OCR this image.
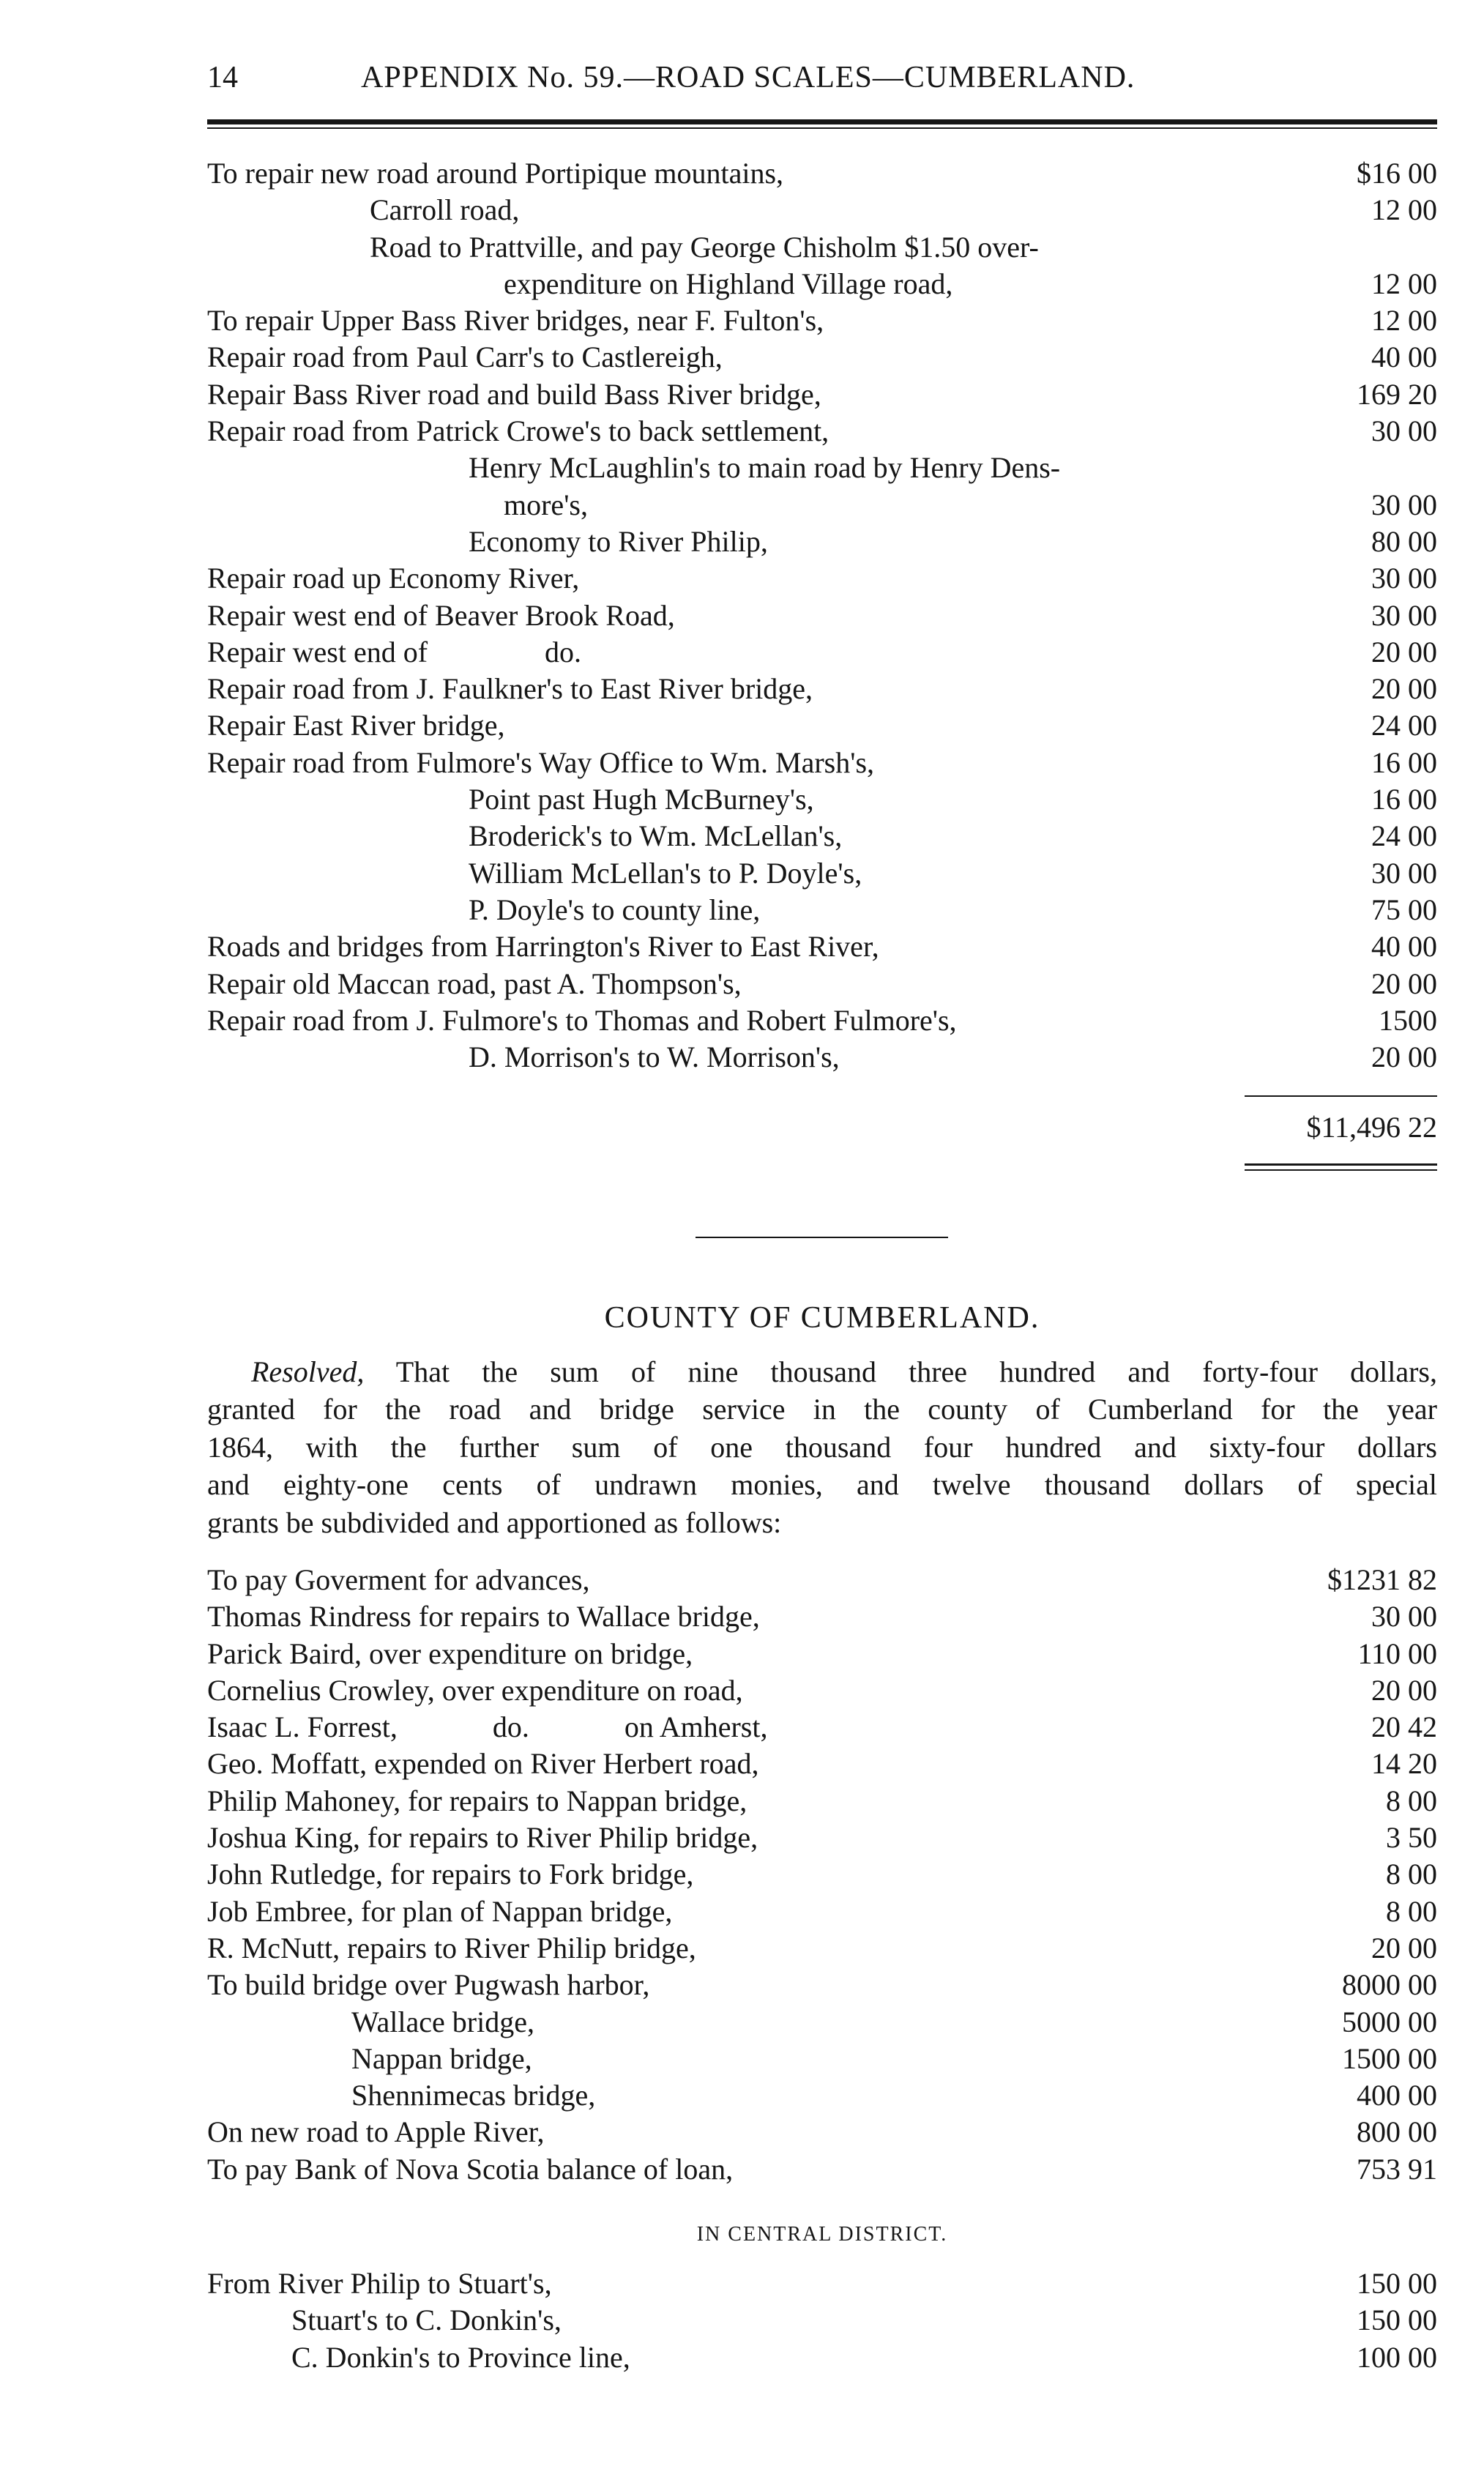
14	APPENDIX No. 59.—ROAD SCALES—CUMBERLAND.
To repair new road around Portipique mountains,	$16 00
Carroll road,	12 00
Road to Prattville, and pay George Chisholm $1.50 over-
expenditure on Highland Village road,	12 00
To repair Upper Bass River bridges, near F. Fulton's,	12 00
Repair road from Paul Carr's to Castlereigh,	40 00
Repair Bass River road and build Bass River bridge,	169 20
Repair road from Patrick Crowe's to back settlement,	30 00
Henry McLaughlin's to main road by Henry Dens-
more's,	30 00
Economy to River Philip,	80 00
Repair road up Economy River,	30 00
Repair west end of Beaver Brook Road,	30 00
Repair west end of                do.	20 00
Repair road from J. Faulkner's to East River bridge,	20 00
Repair East River bridge,	24 00
Repair road from Fulmore's Way Office to Wm. Marsh's,	16 00
Point past Hugh McBurney's,	16 00
Broderick's to Wm. McLellan's,	24 00
William McLellan's to P. Doyle's,	30 00
P. Doyle's to county line,	75 00
Roads and bridges from Harrington's River to East River,	40 00
Repair old Maccan road, past A. Thompson's,	20 00
Repair road from J. Fulmore's to Thomas and Robert Fulmore's,	1500
D. Morrison's to W. Morrison's,	20 00
$11,496 22
COUNTY OF CUMBERLAND.
Resolved, That the sum of nine thousand three hundred and forty-four dollars,
granted for the road and bridge service in the county of Cumberland for the year
1864, with the further sum of one thousand four hundred and sixty-four dollars
and eighty-one cents of undrawn monies, and twelve thousand dollars of special
grants be subdivided and apportioned as follows:
To pay Goverment for advances,	$1231 82
Thomas Rindress for repairs to Wallace bridge,	30 00
Parick Baird, over expenditure on bridge,	110 00
Cornelius Crowley, over expenditure on road,	20 00
Isaac L. Forrest,             do.             on Amherst,	20 42
Geo. Moffatt, expended on River Herbert road,	14 20
Philip Mahoney, for repairs to Nappan bridge,	8 00
Joshua King, for repairs to River Philip bridge,	3 50
John Rutledge, for repairs to Fork bridge,	8 00
Job Embree, for plan of Nappan bridge,	8 00
R. McNutt, repairs to River Philip bridge,	20 00
To build bridge over Pugwash harbor,	8000 00
Wallace bridge,	5000 00
Nappan bridge,	1500 00
Shennimecas bridge,	400 00
On new road to Apple River,	800 00
To pay Bank of Nova Scotia balance of loan,	753 91
IN CENTRAL DISTRICT.
From River Philip to Stuart's,	150 00
Stuart's to C. Donkin's,	150 00
C. Donkin's to Province line,	100 00
